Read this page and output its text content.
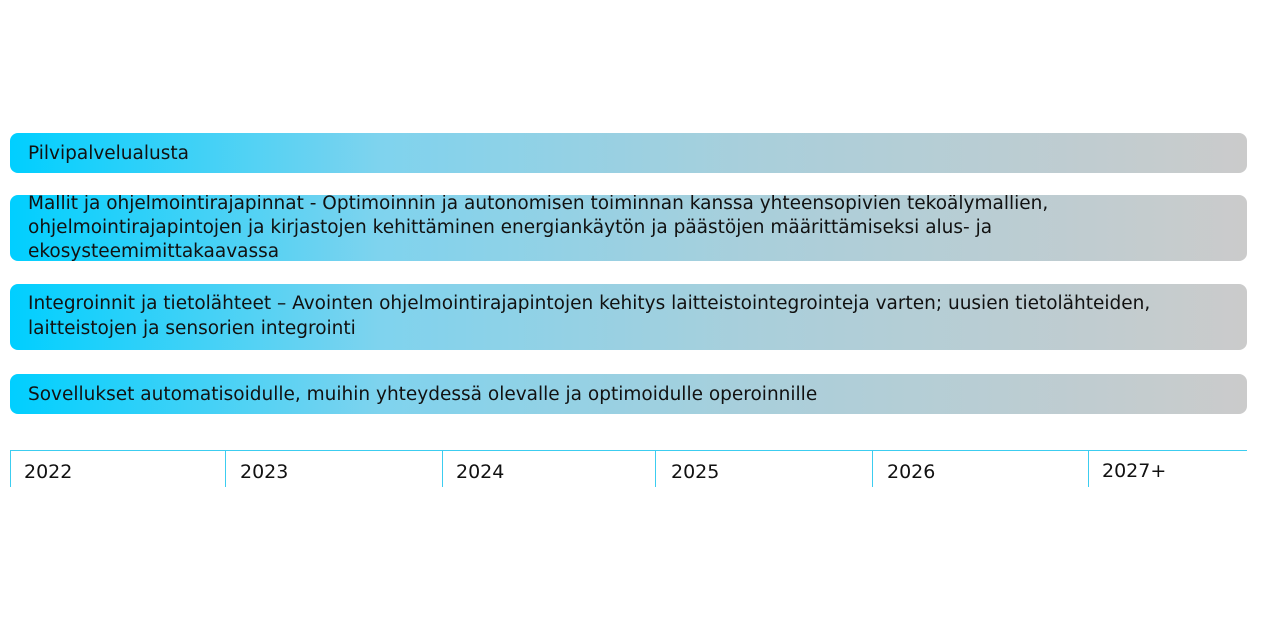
Pilvipalvelualusta
Mallit ja ohjelmointirajapinnat - Optimoinnin ja autonomisen toiminnan kanssa yhteensopivien tekoälymallien, ohjelmointirajapintojen ja kirjastojen kehittäminen energiankäytön ja päästöjen määrittämiseksi alus- ja ekosysteemimittakaavassa
Integroinnit ja tietolähteet – Avointen ohjelmointirajapintojen kehitys laitteistointegrointeja varten; uusien tietolähteiden, laitteistojen ja sensorien integrointi
Sovellukset automatisoidulle, muihin yhteydessä olevalle ja optimoidulle operoinnille
2022	2023	2024	2025	2026	2027+
